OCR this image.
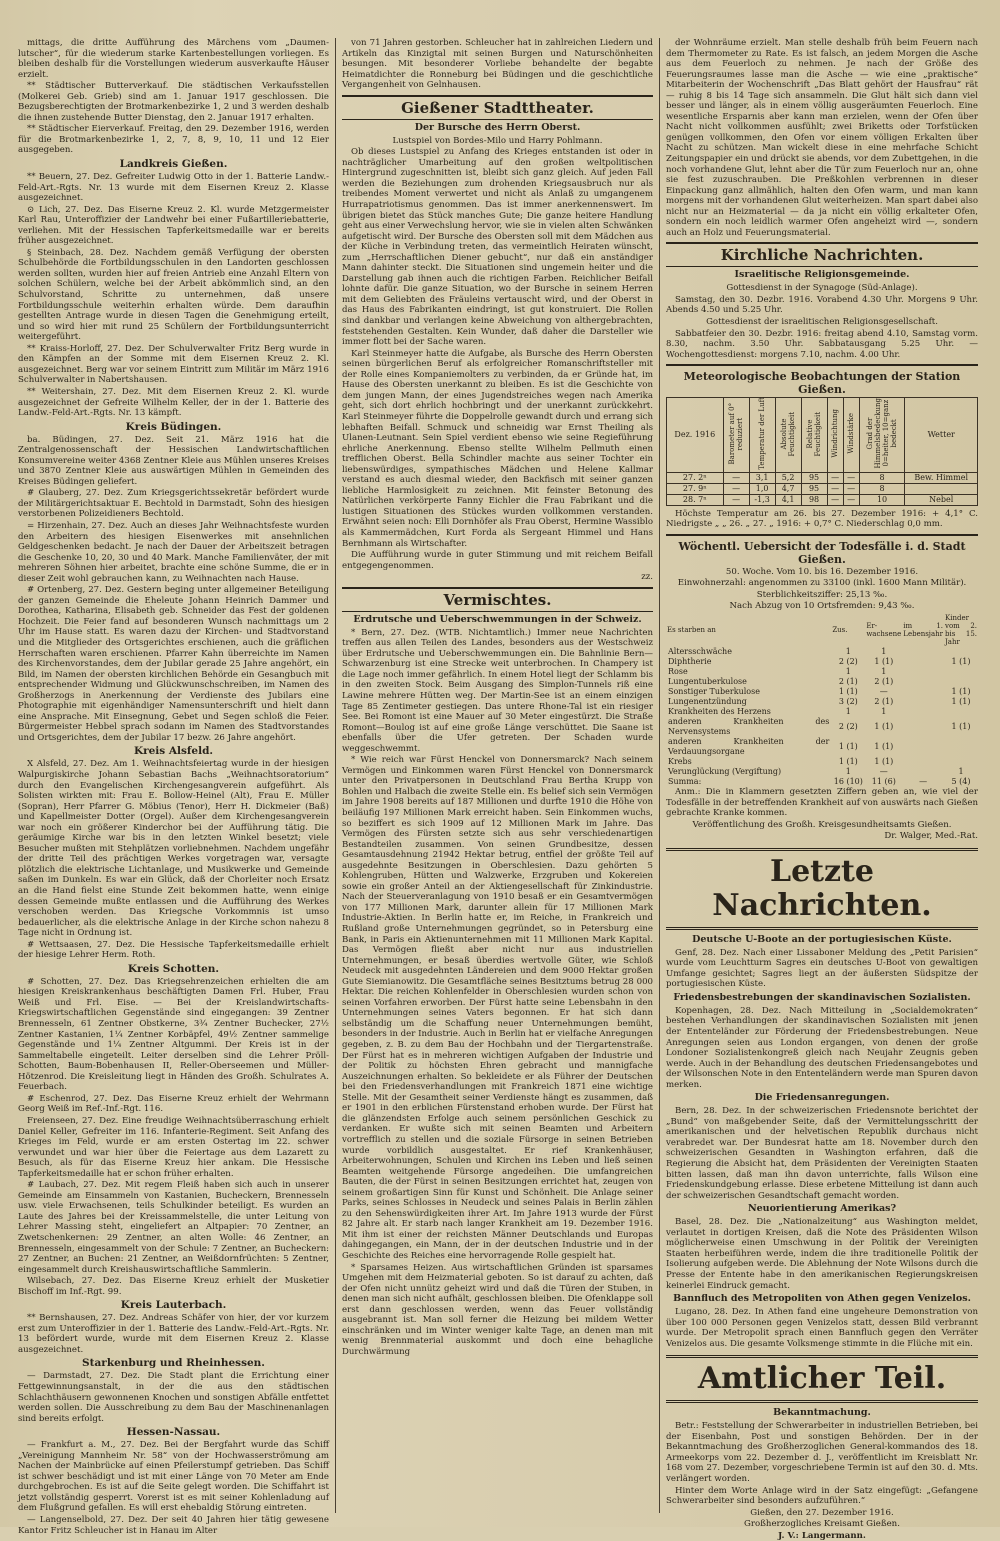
mittags, die dritte Aufführung des Märchens vom „Daumen-lutscher“, für die wiederum starke Kartenbestellungen vorliegen. Es bleiben deshalb für die Vorstellungen wiederum ausverkaufte Häuser erzielt.

** Städtischer Butterverkauf. Die städtischen Verkaufsstellen (Molkerei Geb. Grieb) sind am 1. Januar 1917 geschlossen. Die Bezugsberechtigten der Brotmarkenbezirke 1, 2 und 3 werden deshalb die ihnen zustehende Butter Dienstag, den 2. Januar 1917 erhalten.

** Städtischer Eierverkauf. Freitag, den 29. Dezember 1916, werden für die Brotmarkenbezirke 1, 2, 7, 8, 9, 10, 11 und 12 Eier ausgegeben.

Landkreis Gießen.

** Beuern, 27. Dez. Gefreiter Ludwig Otto in der 1. Batterie Landw.-Feld-Art.-Rgts. Nr. 13 wurde mit dem Eisernen Kreuz 2. Klasse ausgezeichnet.

⊙ Lich, 27. Dez. Das Eiserne Kreuz 2. Kl. wurde Metzgermeister Karl Rau, Unteroffizier der Landwehr bei einer Fußartilleriebatterie, verliehen. Mit der Hessischen Tapferkeitsmedaille war er bereits früher ausgezeichnet.

§ Steinbach, 28. Dez. Nachdem gemäß Verfügung der obersten Schulbehörde die Fortbildungsschulen in den Landorten geschlossen werden sollten, wurden hier auf freien Antrieb eine Anzahl Eltern von solchen Schülern, welche bei der Arbeit abkömmlich sind, an den Schulvorstand, Schritte zu unternehmen, daß unsere Fortbildungsschule weiterhin erhalten würde. Dem daraufhin gestellten Antrage wurde in diesen Tagen die Genehmigung erteilt, und so wird hier mit rund 25 Schülern der Fortbildungsunterricht weitergeführt.

** Kraiss-Horloff, 27. Dez. Der Schulverwalter Fritz Berg wurde in den Kämpfen an der Somme mit dem Eisernen Kreuz 2. Kl. ausgezeichnet. Berg war vor seinem Eintritt zum Militär im März 1916 Schulverwalter in Nabertshausen.

** Weitershain, 27. Dez. Mit dem Eisernen Kreuz 2. Kl. wurde ausgezeichnet der Gefreite Wilhelm Keller, der in der 1. Batterie des Landw.-Feld-Art.-Rgts. Nr. 13 kämpft.

Kreis Büdingen.

ba. Büdingen, 27. Dez. Seit 21. März 1916 hat die Zentralgenossenschaft der Hessischen Landwirtschaftlichen Konsumvereine weiter 4368 Zentner Kleie aus Mühlen unseres Kreises und 3870 Zentner Kleie aus auswärtigen Mühlen in Gemeinden des Kreises Büdingen geliefert.

# Glauberg, 27. Dez. Zum Kriegsgerichtssekretär befördert wurde der Militärgerichtsaktuar E. Bechtold in Darmstadt, Sohn des hiesigen verstorbenen Polizeidieners Bechtold.

= Hirzenhain, 27. Dez. Auch an dieses Jahr Weihnachtsfeste wurden den Arbeitern des hiesigen Eisenwerkes mit ansehnlichen Geldgeschenken bedacht. Je nach der Dauer der Arbeitszeit betragen die Geschenke 10, 20, 30 und 40 Mark. Manche Familienväter, der mit mehreren Söhnen hier arbeitet, brachte eine schöne Summe, die er in dieser Zeit wohl gebrauchen kann, zu Weihnachten nach Hause.

# Ortenberg, 27. Dez. Gestern beging unter allgemeiner Beteiligung der ganzen Gemeinde die Eheleute Johann Heinrich Dammer und Dorothea, Katharina, Elisabeth geb. Schneider das Fest der goldenen Hochzeit. Die Feier fand auf besonderen Wunsch nachmittags um 2 Uhr im Hause statt. Es waren dazu der Kirchen- und Stadtvorstand und die Mitglieder des Ortsgerichtes erschienen, auch die gräflichen Herrschaften waren erschienen. Pfarrer Kahn überreichte im Namen des Kirchenvorstandes, dem der Jubilar gerade 25 Jahre angehört, ein Bild, im Namen der obersten kirchlichen Behörde ein Gesangbuch mit entsprechender Widmung und Glückwunschschreiben, im Namen des Großherzogs in Anerkennung der Verdienste des Jubilars eine Photographie mit eigenhändiger Namensunterschrift und hielt dann eine Ansprache. Mit Einsegnung, Gebet und Segen schloß die Feier. Bürgermeister Hebbel sprach sodann im Namen des Stadtvorstandes und Ortsgerichtes, dem der Jubilar 17 bezw. 26 Jahre angehört.

Kreis Alsfeld.

X Alsfeld, 27. Dez. Am 1. Weihnachtsfeiertag wurde in der hiesigen Walpurgiskirche Johann Sebastian Bachs „Weihnachtsoratorium“ durch den Evangelischen Kirchengesangverein aufgeführt. Als Solisten wirkten mit: Frau E. Bollow-Heinel (Alt), Frau E. Müller (Sopran), Herr Pfarrer G. Möbius (Tenor), Herr H. Dickmeier (Baß) und Kapellmeister Dotter (Orgel). Außer dem Kirchengesangverein war noch ein größerer Kinderchor bei der Aufführung tätig. Die geräumige Kirche war bis in den letzten Winkel besetzt; viele Besucher mußten mit Stehplätzen vorliebnehmen. Nachdem ungefähr der dritte Teil des prächtigen Werkes vorgetragen war, versagte plötzlich die elektrische Lichtanlage, und Musikwerke und Gemeinde saßen im Dunkeln. Es war ein Glück, daß der Chorleiter noch Ersatz an die Hand fielst eine Stunde Zeit bekommen hatte, wenn einige dessen Gemeinde mußte entlassen und die Aufführung des Werkes verschoben werden. Das Kriegsche Vorkommnis ist umso bedauerlicher, als die elektrische Anlage in der Kirche schon nahezu 8 Tage nicht in Ordnung ist.

# Wettsaasen, 27. Dez. Die Hessische Tapferkeitsmedaille erhielt der hiesige Lehrer Herm. Roth.

Kreis Schotten.

# Schotten, 27. Dez. Das Kriegsehrenzeichen erhielten die am hiesigen Kreiskrankenhaus beschäftigten Damen Frl. Huber, Frau Weiß und Frl. Eise. — Bei der Kreislandwirtschafts-Kriegswirtschaftlichen Gegenstände sind eingegangen: 39 Zentner Brennesseln, 61 Zentner Obstkerne, 3¾ Zentner Buchecker, 27½ Zentner Kastanien, 1¼ Zentner Korbäpfel, 49½ Zentner sammelige Gegenstände und 1¼ Zentner Altgummi. Der Kreis ist in der Sammeltabelle eingeteilt. Leiter derselben sind die Lehrer Pröll-Schotten, Baum-Bobenhausen II, Reller-Oberseemen und Müller-Hötzenrod. Die Kreisleitung liegt in Händen des Großh. Schulrates A. Feuerbach.

# Eschenrod, 27. Dez. Das Eiserne Kreuz erhielt der Wehrmann Georg Weiß im Ref.-Inf.-Rgt. 116.

Freienseen, 27. Dez. Eine freudige Weihnachtsüberraschung erhielt Daniel Keller, Gefreiter im 116. Infanterie-Regiment. Seit Anfang des Krieges im Feld, wurde er am ersten Ostertag im 22. schwer verwundet und war hier über die Feiertage aus dem Lazarett zu Besuch, als für das Eiserne Kreuz hier ankam. Die Hessische Tapferkeitsmedaille hat er schon früher erhalten.

# Laubach, 27. Dez. Mit regem Fleiß haben sich auch in unserer Gemeinde am Einsammeln von Kastanien, Bucheckern, Brennesseln usw. viele Erwachsenen, teils Schulkinder beteiligt. Es wurden an Laute des Jahres bei der Kreissammelstelle, die unter Leitung von Lehrer Massing steht, eingeliefert an Altpapier: 70 Zentner, an Zwetschenkernen: 29 Zentner, an alten Wolle: 46 Zentner, an Brennesseln, eingesammelt von der Schule: 7 Zentner, an Bucheckern: 27 Zentner, an Buchen: 21 Zentner, an Weißdornfrüchten: 5 Zentner, eingesammelt durch Kreishauswirtschaftliche Sammlerin.

Wilsebach, 27. Dez. Das Eiserne Kreuz erhielt der Musketier Bischoff im Inf.-Rgt. 99.

Kreis Lauterbach.

** Bernshausen, 27. Dez. Andreas Schäfer von hier, der vor kurzem erst zum Unteroffizier in der 1. Batterie des Landw.-Feld-Art.-Rgts. Nr. 13 befördert wurde, wurde mit dem Eisernen Kreuz 2. Klasse ausgezeichnet.

Starkenburg und Rheinhessen.

— Darmstadt, 27. Dez. Die Stadt plant die Errichtung einer Fettgewinnungsanstalt, in der die aus den städtischen Schlachthäusern gewonnenen Knochen und sonstigen Abfälle entfettet werden sollen. Die Ausschreibung zu dem Bau der Maschinenanlagen sind bereits erfolgt.

Hessen-Nassau.

— Frankfurt a. M., 27. Dez. Bei der Bergfahrt wurde das Schiff „Vereinigung Mannheim Nr. 58“ von der Hochwasserströmung am Nachen der Mainbrücke auf einen Pfeilerstumpf getrieben. Das Schiff ist schwer beschädigt und ist mit einer Länge von 70 Meter am Ende durchgebrochen. Es ist auf die Seite gelegt worden. Die Schiffahrt ist jetzt vollständig gesperrt. Vorerst ist es mit seiner Kohlenladung auf dem Flußgrund gefallen. Es will erst ehebaldig Störung eintreten.

— Langenselbold, 27. Dez. Der seit 40 Jahren hier tätig gewesene Kantor Fritz Schleucher ist in Hanau im Alter

von 71 Jahren gestorben. Schleucher hat in zahlreichen Liedern und Artikeln das Kinzigtal mit seinen Burgen und Naturschönheiten besungen. Mit besonderer Vorliebe behandelte der begabte Heimatdichter die Ronneburg bei Büdingen und die geschichtliche Vergangenheit von Gelnhausen.

Gießener Stadttheater.
Der Bursche des Herrn Oberst.

Lustspiel von Bordes-Milo und Harry Pohlmann.

Ob dieses Lustspiel zu Anfang des Krieges entstanden ist oder in nachträglicher Umarbeitung auf den großen weltpolitischen Hintergrund zugeschnitten ist, bleibt sich ganz gleich. Auf jeden Fall werden die Beziehungen zum drohenden Kriegsausbruch nur als treibendes Moment verwertet und nicht als Anlaß zu umgangenem Hurrapatriotismus genommen. Das ist immer anerkennenswert. Im übrigen bietet das Stück manches Gute; Die ganze heitere Handlung geht aus einer Verwechslung hervor, wie sie in vielen alten Schwänken aufgetischt wird. Der Bursche des Obersten soll mit dem Mädchen aus der Küche in Verbindung treten, das vermeintlich Heiraten wünscht, zum „Herrschaftlichen Diener gebucht“, nur daß ein anständiger Mann dahinter steckt. Die Situationen sind ungemein heiter und die Darstellung gab ihnen auch die richtigen Farben. Reichlicher Beifall lohnte dafür. Die ganze Situation, wo der Bursche in seinem Herren mit dem Geliebten des Fräuleins vertauscht wird, und der Oberst in das Haus des Fabrikanten eindringt, ist gut konstruiert. Die Rollen sind dankbar und verlangen keine Abweichung von althergebrachten, feststehenden Gestalten. Kein Wunder, daß daher die Darsteller wie immer flott bei der Sache waren.

Karl Steinmeyer hatte die Aufgabe, als Bursche des Herrn Obersten seinen bürgerlichen Beruf als erfolgreicher Romanschriftsteller mit der Rolle eines Kompaniemolters zu verbinden, da er Gründe hat, im Hause des Obersten unerkannt zu bleiben. Es ist die Geschichte von dem jungen Mann, der eines Jugendstreiches wegen nach Amerika geht, sich dort ehrlich hochbringt und der unerkannt zurückkehrt. Karl Steinmeyer führte die Doppelrolle gewandt durch und errang sich lebhaften Beifall. Schmuck und schneidig war Ernst Theiling als Ulanen-Leutnant. Sein Spiel verdient ebenso wie seine Regieführung ehrliche Anerkennung. Ebenso stellte Wilhelm Pellmuth einen trefflichen Oberst. Bella Schindler machte aus seiner Tochter ein liebenswürdiges, sympathisches Mädchen und Helene Kallmar verstand es auch diesmal wieder, den Backfisch mit seiner ganzen liebliche Harmlosigkeit zu zeichnen. Mit feinster Betonung des Natürlichen verkörperte Fanny Eichler die Frau Fabrikant und die lustigen Situationen des Stückes wurden vollkommen verstanden. Erwähnt seien noch: Elli Dornhöfer als Frau Oberst, Hermine Wassiblo als Kammermädchen, Kurt Forda als Sergeant Himmel und Hans Bernhmann als Wirtschafter.

Die Aufführung wurde in guter Stimmung und mit reichem Beifall entgegengenommen.

zz.

Vermischtes.
Erdrutsche und Ueberschwemmungen in der Schweiz.

* Bern, 27. Dez. (WTB. Nichtamtlich.) Immer neue Nachrichten treffen aus allen Teilen des Landes, besonders aus der Westschweiz über Erdrutsche und Ueberschwemmungen ein. Die Bahnlinie Bern—Schwarzenburg ist eine Strecke weit unterbrochen. In Champery ist die Lage noch immer gefährlich. In einem Hotel liegt der Schlamm bis in den zweiten Stock. Beim Ausgang des Simplon-Tunnels riß eine Lawine mehrere Hütten weg. Der Martin-See ist an einem einzigen Tage 85 Zentimeter gestiegen. Das untere Rhone-Tal ist ein riesiger See. Bei Romont ist eine Mauer auf 30 Meter eingestürzt. Die Straße Romont—Boulog ist auf eine große Länge verschüttet. Die Saane ist ebenfalls über die Ufer getreten. Der Schaden wurde weggeschwemmt.

* Wie reich war Fürst Henckel von Donnersmarck? Nach seinem Vermögen und Einkommen waren Fürst Henckel von Donnersmarck unter den Privatpersonen in Deutschland Frau Bertha Krupp von Bohlen und Halbach die zweite Stelle ein. Es belief sich sein Vermögen im Jahre 1908 bereits auf 187 Millionen und durfte 1910 die Höhe von beiläufig 197 Millionen Mark erreicht haben. Sein Einkommen wuchs, so beziffert es sich 1909 auf 12 Millionen Mark im Jahre. Das Vermögen des Fürsten setzte sich aus sehr verschiedenartigen Bestandteilen zusammen. Von seinen Grundbesitze, dessen Gesamtausdehnung 21942 Hektar betrug, entfiel der größte Teil auf ausgedehnte Besitzungen in Oberschlesien. Dazu gehörten 5 Kohlengruben, Hütten und Walzwerke, Erzgruben und Kokereien sowie ein großer Anteil an der Aktiengesellschaft für Zinkindustrie. Nach der Steuerveranlagung von 1910 besaß er ein Gesamtvermögen von 177 Millionen Mark, darunter allein für 17 Millionen Mark Industrie-Aktien. In Berlin hatte er, im Reiche, in Frankreich und Rußland große Unternehmungen gegründet, so in Petersburg eine Bank, in Paris ein Aktienunternehmen mit 11 Millionen Mark Kapital. Das Vermögen fließt aber nicht nur aus industriellen Unternehmungen, er besaß überdies wertvolle Güter, wie Schloß Neudeck mit ausgedehnten Ländereien und dem 9000 Hektar großen Gute Siemianowitz. Die Gesamtfläche seines Besitztums betrug 28 000 Hektar. Die reichen Kohlenfelder in Oberschlesien wurden schon von seinen Vorfahren erworben. Der Fürst hatte seine Lebensbahn in den Unternehmungen seines Vaters begonnen. Er hat sich dann selbständig um die Schaffung neuer Unternehmungen bemüht, besonders in der Industrie. Auch in Berlin hat er vielfache Anregungen gegeben, z. B. zu dem Bau der Hochbahn und der Tiergartenstraße. Der Fürst hat es in mehreren wichtigen Aufgaben der Industrie und der Politik zu höchsten Ehren gebracht und mannigfache Auszeichnungen erhalten. So bekleidete er als Führer der Deutschen bei den Friedensverhandlungen mit Frankreich 1871 eine wichtige Stelle. Mit der Gesamtheit seiner Verdienste hängt es zusammen, daß er 1901 in den erblichen Fürstenstand erhoben wurde. Der Fürst hat die glänzendsten Erfolge auch seinem persönlichen Geschick zu verdanken. Er wußte sich mit seinen Beamten und Arbeitern vortrefflich zu stellen und die soziale Fürsorge in seinen Betrieben wurde vorbildlich ausgestaltet. Er rief Krankenhäuser, Arbeiterwohnungen, Schulen und Kirchen ins Leben und ließ seinen Beamten weitgehende Fürsorge angedeihen. Die umfangreichen Bauten, die der Fürst in seinen Besitzungen errichtet hat, zeugen von seinem großartigen Sinn für Kunst und Schönheit. Die Anlage seiner Parks, seines Schlosses in Neudeck und seines Palais in Berlin zählen zu den Sehenswürdigkeiten ihrer Art. Im Jahre 1913 wurde der Fürst 82 Jahre alt. Er starb nach langer Krankheit am 19. Dezember 1916. Mit ihm ist einer der reichsten Männer Deutschlands und Europas dahingegangen, ein Mann, der in der deutschen Industrie und in der Geschichte des Reiches eine hervorragende Rolle gespielt hat.

* Sparsames Heizen. Aus wirtschaftlichen Gründen ist sparsames Umgehen mit dem Heizmaterial geboten. So ist darauf zu achten, daß der Ofen nicht unnütz geheizt wird und daß die Türen der Stuben, in denen man sich nicht aufhält, geschlossen bleiben. Die Ofenklappe soll erst dann geschlossen werden, wenn das Feuer vollständig ausgebrannt ist. Man soll ferner die Heizung bei mildem Wetter einschränken und im Winter weniger kalte Tage, an denen man mit wenig Brennmaterial auskommt und doch eine behagliche Durchwärmung

der Wohnräume erzielt. Man stelle deshalb früh beim Feuern nach dem Thermometer zu Rate. Es ist falsch, an jedem Morgen die Asche aus dem Feuerloch zu nehmen. Je nach der Größe des Feuerungsraumes lasse man die Asche — wie eine „praktische“ Mitarbeiterin der Wochenschrift „Das Blatt gehört der Hausfrau“ rät — ruhig 8 bis 14 Tage sich ansammeln. Die Glut hält sich dann viel besser und länger, als in einem völlig ausgeräumten Feuerloch. Eine wesentliche Ersparnis aber kann man erzielen, wenn der Ofen über Nacht nicht vollkommen ausfühlt; zwei Briketts oder Torfstücken genügen vollkommen, den Ofen vor einem völligen Erkalten über Nacht zu schützen. Man wickelt diese in eine mehrfache Schicht Zeitungspapier ein und drückt sie abends, vor dem Zubettgehen, in die noch vorhandene Glut, lehnt aber die Tür zum Feuerloch nur an, ohne sie fest zuzuschrauben. Die Preßkohlen verbrennen in dieser Einpackung ganz allmählich, halten den Ofen warm, und man kann morgens mit der vorhandenen Glut weiterheizen. Man spart dabei also nicht nur an Heizmaterial — da ja nicht ein völlig erkalteter Ofen, sondern ein noch leidlich warmer Ofen angeheizt wird —, sondern auch an Holz und Feuerungsmaterial.

Kirchliche Nachrichten.
Israelitische Religionsgemeinde.

Gottesdienst in der Synagoge (Süd-Anlage).

Samstag, den 30. Dezbr. 1916. Vorabend 4.30 Uhr. Morgens 9 Uhr. Abends 4.50 und 5.25 Uhr.

Gottesdienst der israelitischen Religionsgesellschaft.

Sabbatfeier den 30. Dezbr. 1916: freitag abend 4.10, Samstag vorm. 8.30, nachm. 3.50 Uhr. Sabbatausgang 5.25 Uhr. — Wochengottesdienst: morgens 7.10, nachm. 4.00 Uhr.

Meteorologische Beobachtungen der Station Gießen.
Dez. 1916	Barometer auf 0° reduziert	Temperatur der Luft	Absolute Feuchtigkeit	Relative Feuchtigkeit	Windrichtung	Windstärke	Grad der Himmelsbedeckung 0=heiter, 10=ganz bedeckt	Wetter
27. 2ⁿ	—	3,1	5,2	95	—	—	8	Bew. Himmel
27. 9ⁿ	—	1,0	4,7	95	—	—	8	
28. 7ⁿ	—	-1,3	4,1	98	—	—	10	Nebel

Höchste Temperatur am 26. bis 27. Dezember 1916: + 4,1° C. Niedrigste „ „ 26. „ 27. „ 1916: + 0,7° C. Niederschlag 0,0 mm.

Wöchentl. Uebersicht der Todesfälle i. d. Stadt Gießen.

50. Woche. Vom 10. bis 16. Dezember 1916.

Einwohnerzahl: angenommen zu 33100 (inkl. 1600 Mann Militär).

Sterblichkeitsziffer: 25,13 ‰.

Nach Abzug von 10 Ortsfremden: 9,43 ‰.

Es starben an	Zus.	Er-wachsene	im 1. Lebensjahr	Kinder vom 2. bis 15. Jahr
Altersschwäche	1	1		
Diphtherie	2 (2)	1 (1)		1 (1)
Rose	1	1		
Lungentuberkulose	2 (1)	2 (1)		
Sonstiger Tuberkulose	1 (1)	—		1 (1)
Lungenentzündung	3 (2)	2 (1)		1 (1)
Krankheiten des Herzens	1	1		
anderen Krankheiten des Nervensystems	2 (2)	1 (1)		1 (1)
anderen Krankheiten der Verdauungsorgane	1 (1)	1 (1)		
Krebs	1 (1)	1 (1)		
Verunglückung (Vergiftung)	1	—		1
Summa:	16 (10)	11 (6)	—	5 (4)

Anm.: Die in Klammern gesetzten Ziffern geben an, wie viel der Todesfälle in der betreffenden Krankheit auf von auswärts nach Gießen gebrachte Kranke kommen.

Veröffentlichung des Großh. Kreisgesundheitsamts Gießen.

Dr. Walger, Med.-Rat.

Letzte Nachrichten.
Deutsche U-Boote an der portugiesischen Küste.

Genf, 28. Dez. Nach einer Lissaboner Meldung des „Petit Parisien“ wurde vom Leuchtturm Sagres ein deutsches U-Boot von gewaltigen Umfange gesichtet; Sagres liegt an der äußersten Südspitze der portugiesischen Küste.

Friedensbestrebungen der skandinavischen Sozialisten.

Kopenhagen, 28. Dez. Nach Mitteilung in „Socialdemokraten“ bestehen Verhandlungen der skandinavischen Sozialisten mit jenen der Ententeländer zur Förderung der Friedensbestrebungen. Neue Anregungen seien aus London ergangen, von denen der große Londoner Sozialistenkongreß gleich nach Neujahr Zeugnis geben werde. Auch in der Behandlung des deutschen Friedensangebotes und der Wilsonschen Note in den Ententeländern werde man Spuren davon merken.

Die Friedensanregungen.

Bern, 28. Dez. In der schweizerischen Friedensnote berichtet der „Bund“ von maßgebender Seite, daß der Vermittelungsschritt der amerikanischen und der helvetischen Republik durchaus nicht verabredet war. Der Bundesrat hatte am 18. November durch den schweizerischen Gesandten in Washington erfahren, daß die Regierung die Absicht hat, dem Präsidenten der Vereinigten Staaten bitten lassen, daß man ihn davon unterrichte, falls Wilson eine Friedenskundgebung erlasse. Diese erbetene Mitteilung ist dann auch der schweizerischen Gesandtschaft gemacht worden.

Neuorientierung Amerikas?

Basel, 28. Dez. Die „Nationalzeitung“ aus Washington meldet, verlautet in dortigen Kreisen, daß die Note des Präsidenten Wilson möglicherweise einen Umschwung in der Politik der Vereinigten Staaten herbeiführen werde, indem die ihre traditionelle Politik der Isolierung aufgeben werde. Die Ablehnung der Note Wilsons durch die Presse der Entente habe in den amerikanischen Regierungskreisen keinerlei Eindruck gemacht.

Bannfluch des Metropoliten von Athen gegen Venizelos.

Lugano, 28. Dez. In Athen fand eine ungeheure Demonstration von über 100 000 Personen gegen Venizelos statt, dessen Bild verbrannt wurde. Der Metropolit sprach einen Bannfluch gegen den Verräter Venizelos aus. Die gesamte Volksmenge stimmte in die Flüche mit ein.

Amtlicher Teil.
Bekanntmachung.

Betr.: Feststellung der Schwerarbeiter in industriellen Betrieben, bei der Eisenbahn, Post und sonstigen Behörden. Der in der Bekanntmachung des Großherzoglichen General-kommandos des 18. Armeekorps vom 22. Dezember d. J., veröffentlicht im Kreisblatt Nr. 168 vom 27. Dezember, vorgeschriebene Termin ist auf den 30. d. Mts. verlängert worden.

Hinter dem Worte Anlage wird in der Satz eingefügt: „Gefangene Schwerarbeiter sind besonders aufzuführen.“

Gießen, den 27. Dezember 1916.

Großherzogliches Kreisamt Gießen.

J. V.: Langermann.
